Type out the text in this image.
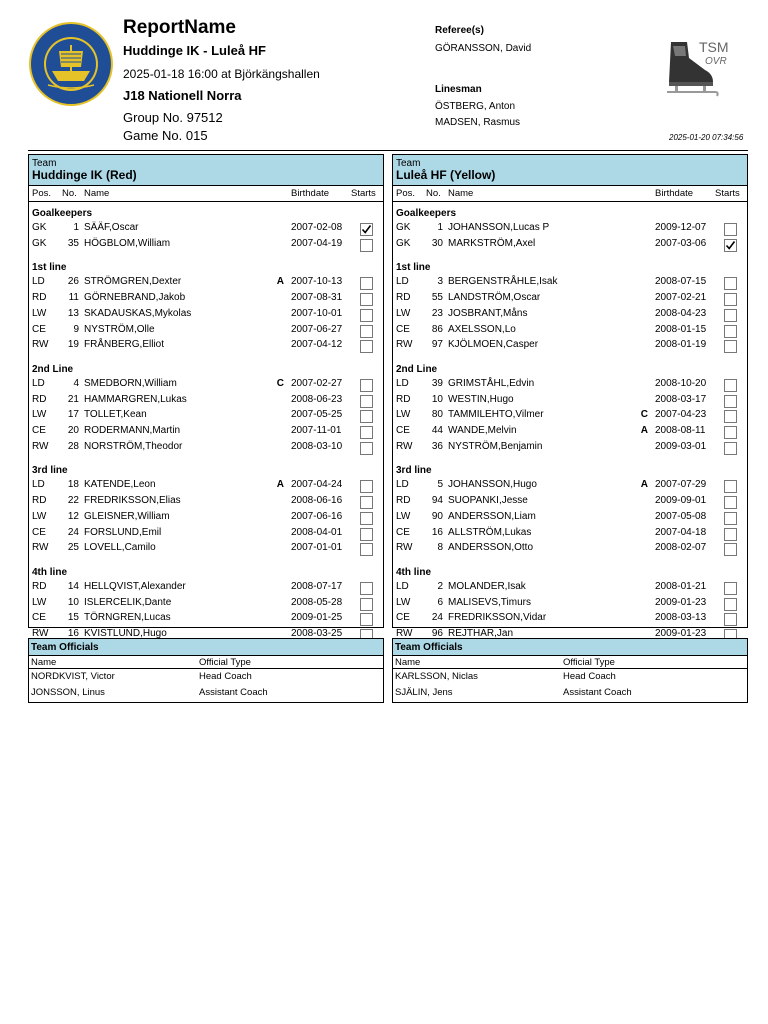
ReportName
Huddinge IK - Luleå HF
2025-01-18 16:00 at Björkängshallen
J18 Nationell Norra
Group No. 97512
Game No. 015
Referee(s)
GÖRANSSON, David
Linesman
ÖSTBERG, Anton
MADSEN, Rasmus
TSM
OVR
2025-01-20 07:34:56
Team
Huddinge IK (Red)
Pos. No. Name	Birthdate Starts
Goalkeepers
GK	1 SÄÄF,Oscar	2007-02-08
GK	35 HÖGBLOM,William	2007-04-19
1st line
LD	26 STRÖMGREN,Dexter	A 2007-10-13
RD	11 GÖRNEBRAND,Jakob	2007-08-31
LW	13 SKADAUSKAS,Mykolas	2007-10-01
CE	9 NYSTRÖM,Olle	2007-06-27
RW	19 FRÅNBERG,Elliot	2007-04-12
2nd Line
LD	4 SMEDBORN,William	C 2007-02-27
RD	21 HAMMARGREN,Lukas	2008-06-23
LW	17 TOLLET,Kean	2007-05-25
CE	20 RODERMANN,Martin	2007-11-01
RW	28 NORSTRÖM,Theodor	2008-03-10
3rd line
LD	18 KATENDE,Leon	A 2007-04-24
RD	22 FREDRIKSSON,Elias	2008-06-16
LW	12 GLEISNER,William	2007-06-16
CE	24 FORSLUND,Emil	2008-04-01
RW	25 LOVELL,Camilo	2007-01-01
4th line
RD	14 HELLQVIST,Alexander	2008-07-17
LW	10 ISLERCELIK,Dante	2008-05-28
CE	15 TÖRNGREN,Lucas	2009-01-25
RW	16 KVISTLUND,Hugo	2008-03-25
Team
Luleå HF (Yellow)
Pos. No. Name	Birthdate Starts
Goalkeepers
GK	1 JOHANSSON,Lucas P	2009-12-07
GK	30 MARKSTRÖM,Axel	2007-03-06
1st line
LD	3 BERGENSTRÅHLE,Isak	2008-07-15
RD	55 LANDSTRÖM,Oscar	2007-02-21
LW	23 JOSBRANT,Måns	2008-04-23
CE	86 AXELSSON,Lo	2008-01-15
RW	97 KJÖLMOEN,Casper	2008-01-19
2nd Line
LD	39 GRIMSTÅHL,Edvin	2008-10-20
RD	10 WESTIN,Hugo	2008-03-17
LW	80 TAMMILEHTO,Vilmer	C 2007-04-23
CE	44 WANDE,Melvin	A 2008-08-11
RW	36 NYSTRÖM,Benjamin	2009-03-01
3rd line
LD	5 JOHANSSON,Hugo	A 2007-07-29
RD	94 SUOPANKI,Jesse	2009-09-01
LW	90 ANDERSSON,Liam	2007-05-08
CE	16 ALLSTRÖM,Lukas	2007-04-18
RW	8 ANDERSSON,Otto	2008-02-07
4th line
LD	2 MOLANDER,Isak	2008-01-21
LW	6 MALISEVS,Timurs	2009-01-23
CE	24 FREDRIKSSON,Vidar	2008-03-13
RW	96 REJTHAR,Jan	2009-01-23
Team Officials
Name	Official Type
NORDKVIST, Victor	Head Coach
JONSSON, Linus	Assistant Coach
Team Officials
Name	Official Type
KARLSSON, Niclas	Head Coach
SJÄLIN, Jens	Assistant Coach
